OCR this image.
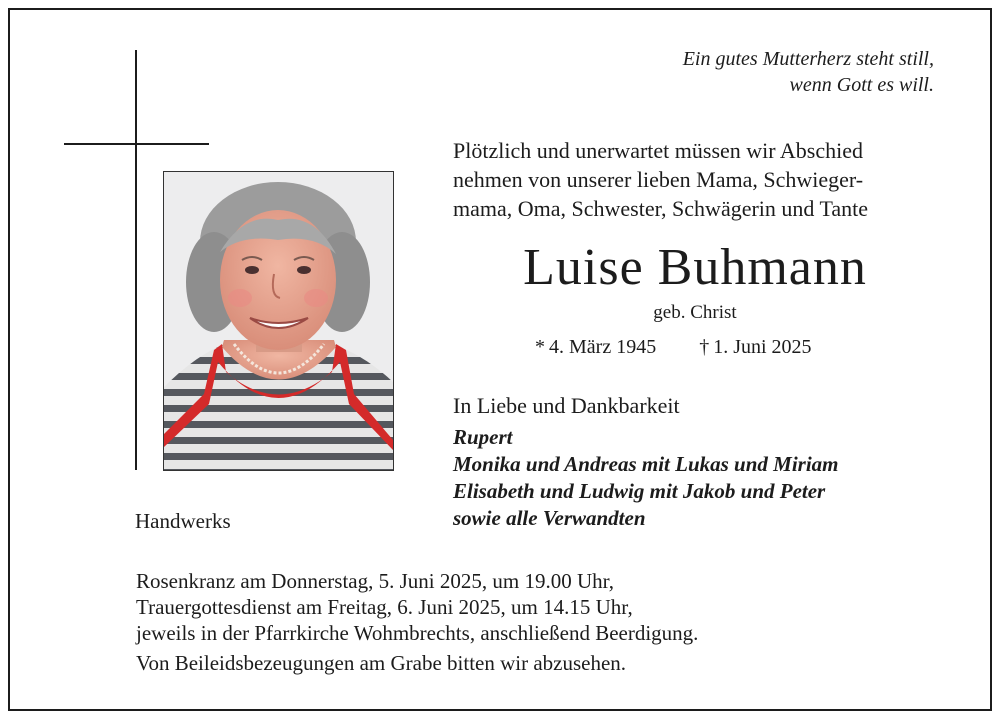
Ein gutes Mutterherz steht still,
wenn Gott es will.
Plötzlich und unerwartet müssen wir Abschied
nehmen von unserer lieben Mama, Schwieger-
mama, Oma, Schwester, Schwägerin und Tante
Luise Buhmann
geb. Christ
* 4. März 1945 † 1. Juni 2025
In Liebe und Dankbarkeit
Rupert
Monika und Andreas mit Lukas und Miriam
Elisabeth und Ludwig mit Jakob und Peter
sowie alle Verwandten
Handwerks
Rosenkranz am Donnerstag, 5. Juni 2025, um 19.00 Uhr,
Trauergottesdienst am Freitag, 6. Juni 2025, um 14.15 Uhr,
jeweils in der Pfarrkirche Wohmbrechts, anschließend Beerdigung.
Von Beileidsbezeugungen am Grabe bitten wir abzusehen.
